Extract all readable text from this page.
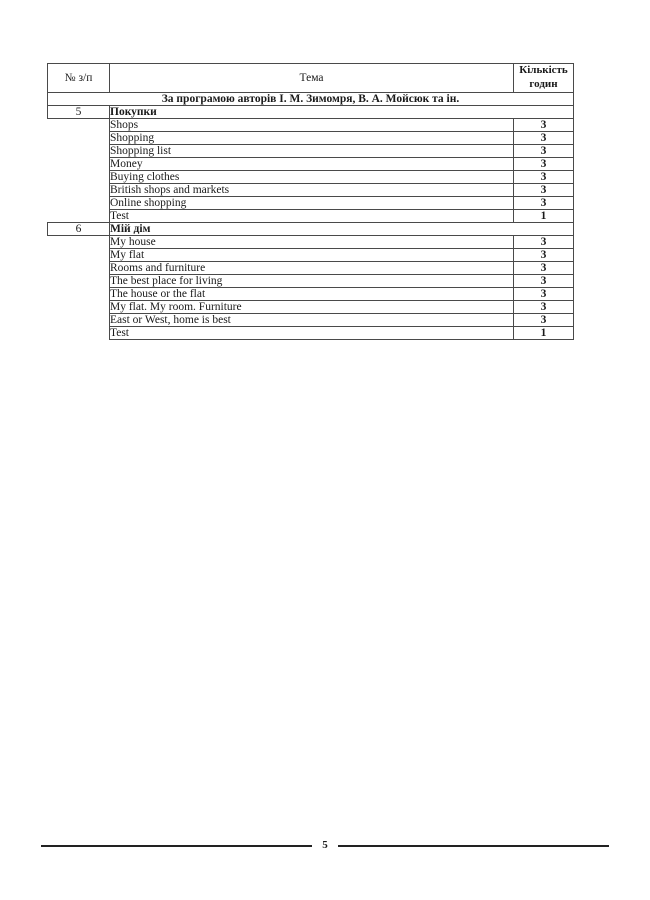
№ з/п	Тема	Кількість
годин
За програмою авторів І. М. Зимомря, В. А. Мойсюк та ін.		
5	Покупки	
	Shops	3
	Shopping	3
	Shopping list	3
	Money	3
	Buying clothes	3
	British shops and markets	3
	Online shopping	3
	Test	1
6	Мій дім	
	My house	3
	My flat	3
	Rooms and furniture	3
	The best place for living	3
	The house or the flat	3
	My flat. My room. Furniture	3
	East or West, home is best	3
	Test	1
5
